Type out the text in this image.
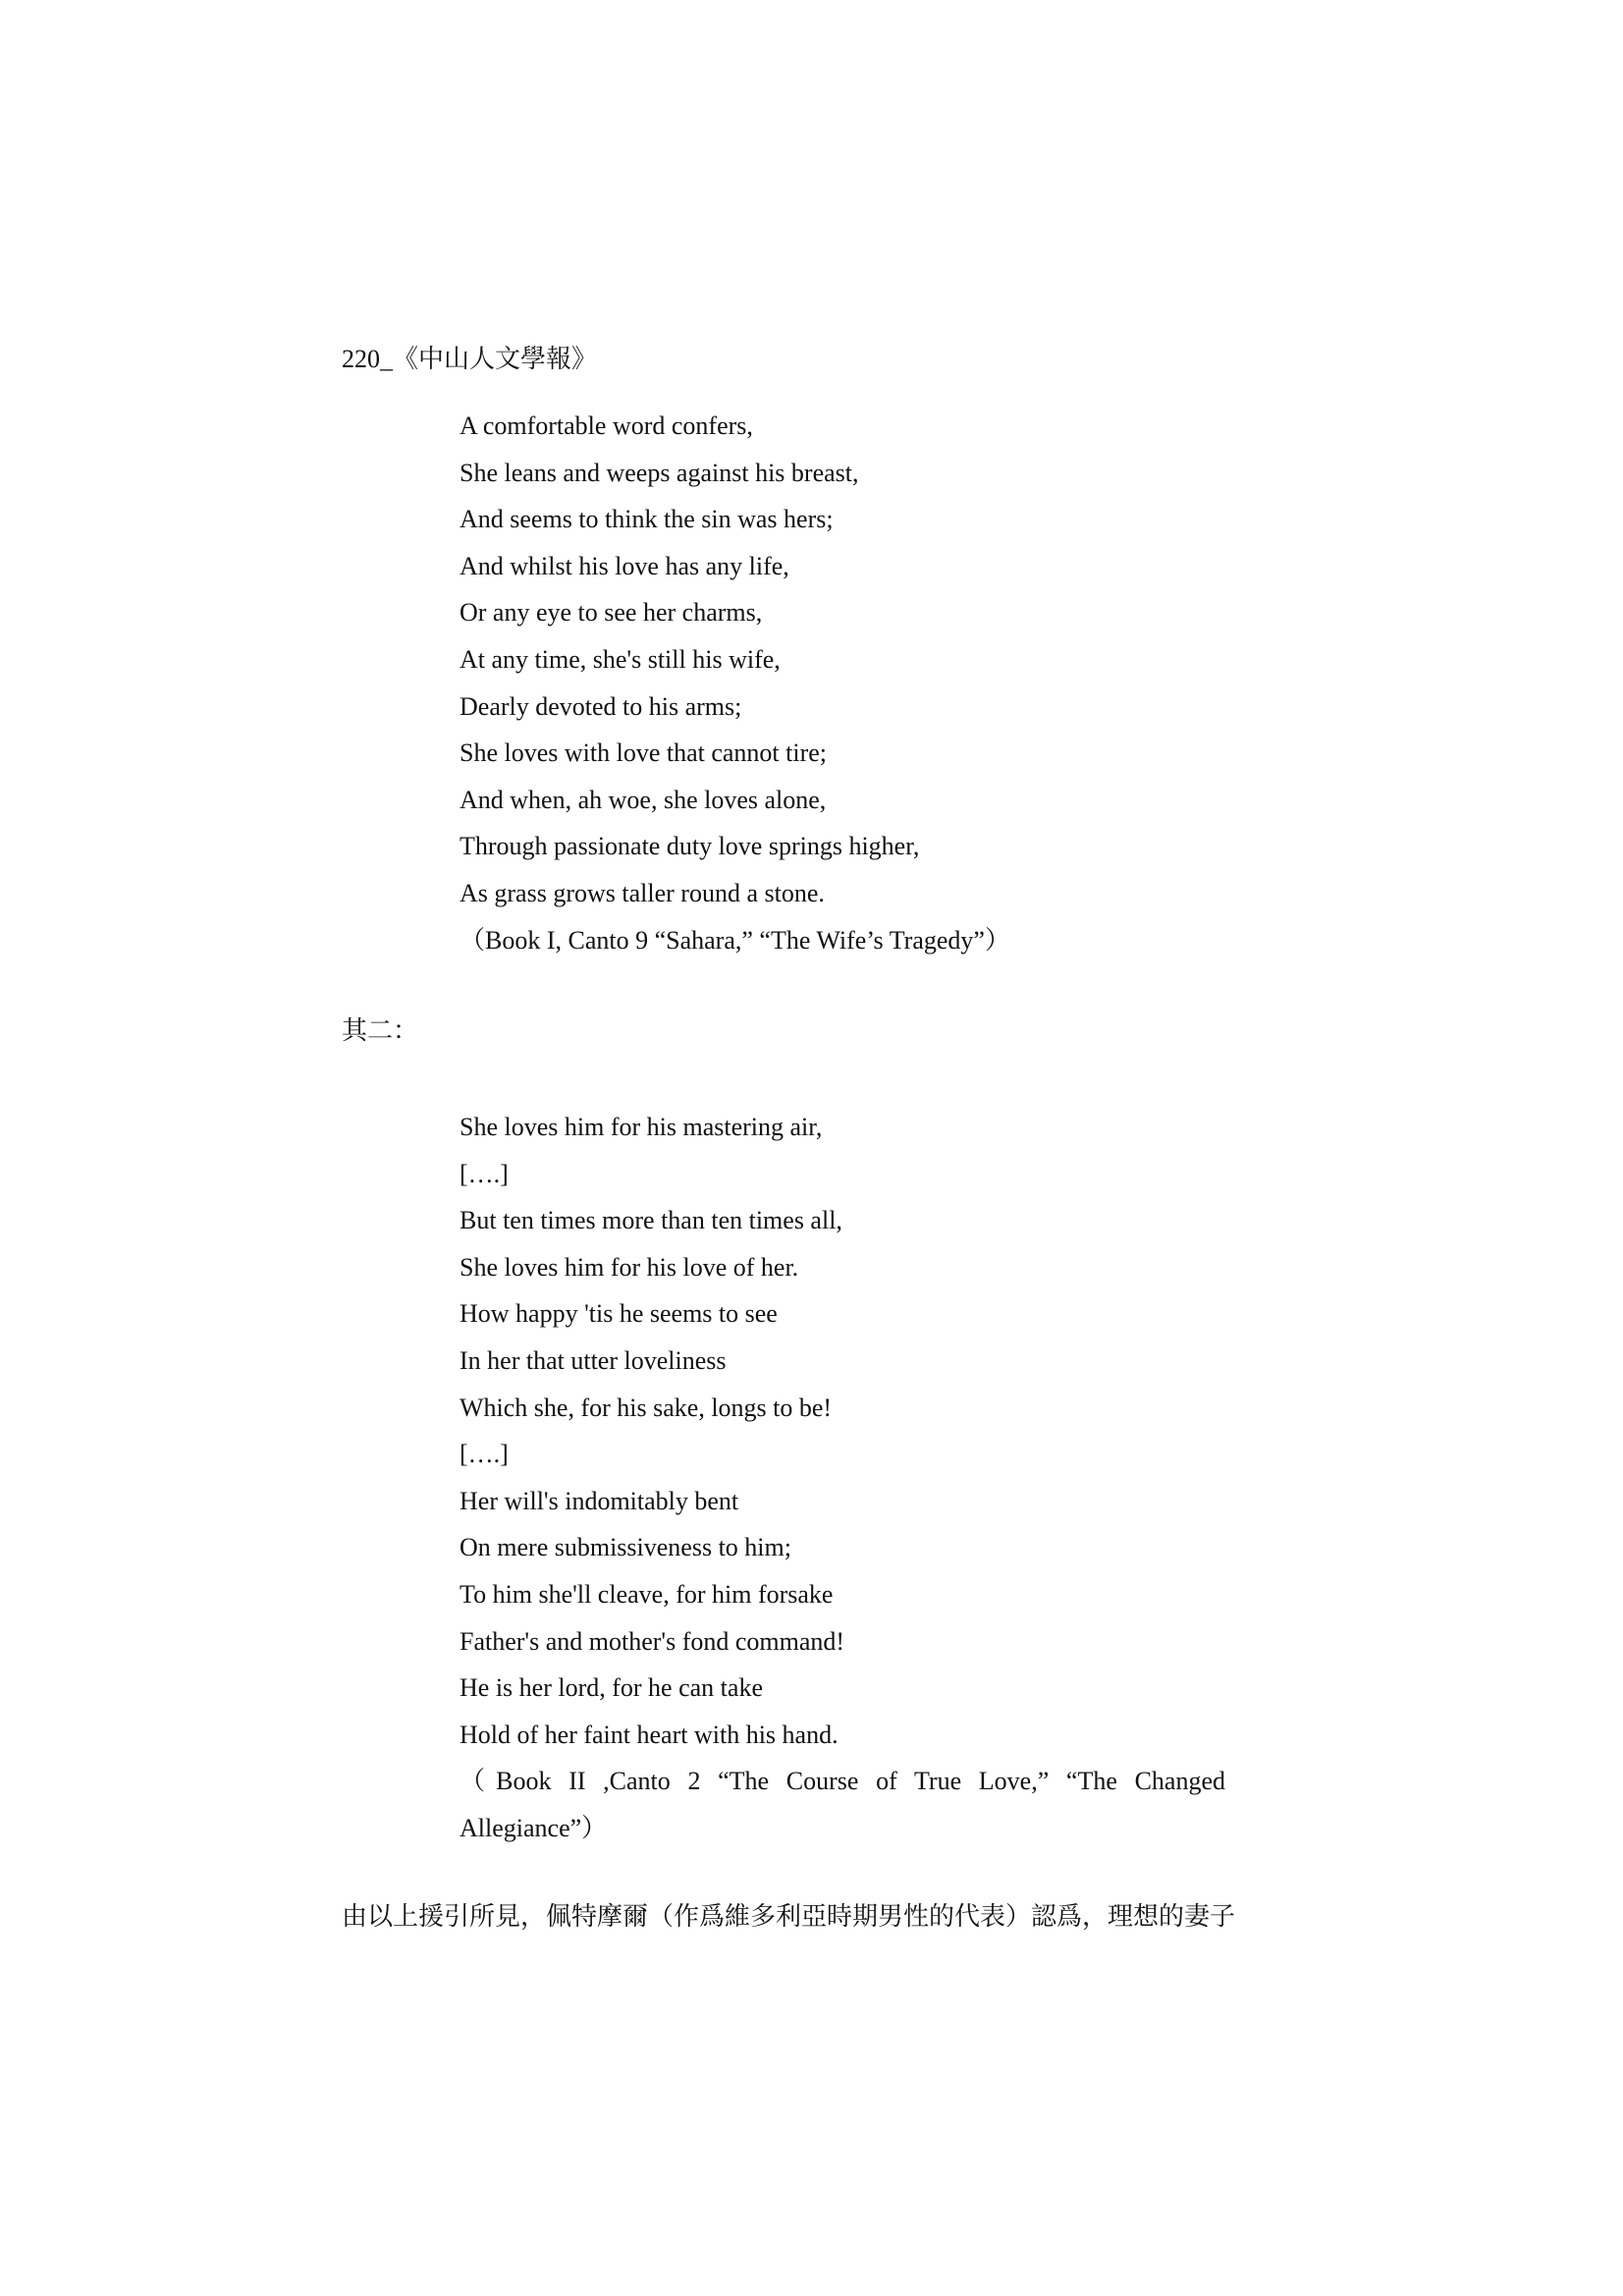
220_《中山人文學報》
A comfortable word confers,
She leans and weeps against his breast,
And seems to think the sin was hers;
And whilst his love has any life,
Or any eye to see her charms,
At any time, she's still his wife,
Dearly devoted to his arms;
She loves with love that cannot tire;
And when, ah woe, she loves alone,
Through passionate duty love springs higher,
As grass grows taller round a stone.
（Book I, Canto 9 “Sahara,” “The Wife’s Tragedy”）
其二：
She loves him for his mastering air,
[….]
But ten times more than ten times all,
She loves him for his love of her.
How happy 'tis he seems to see
In her that utter loveliness
Which she, for his sake, longs to be!
[….]
Her will's indomitably bent
On mere submissiveness to him;
To him she'll cleave, for him forsake
Father's and mother's fond command!
He is her lord, for he can take
Hold of her faint heart with his hand.
（Book II ,Canto 2 “The Course of True Love,” “The Changed
Allegiance”）
由以上援引所見，佩特摩爾（作爲維多利亞時期男性的代表）認爲，理想的妻子
